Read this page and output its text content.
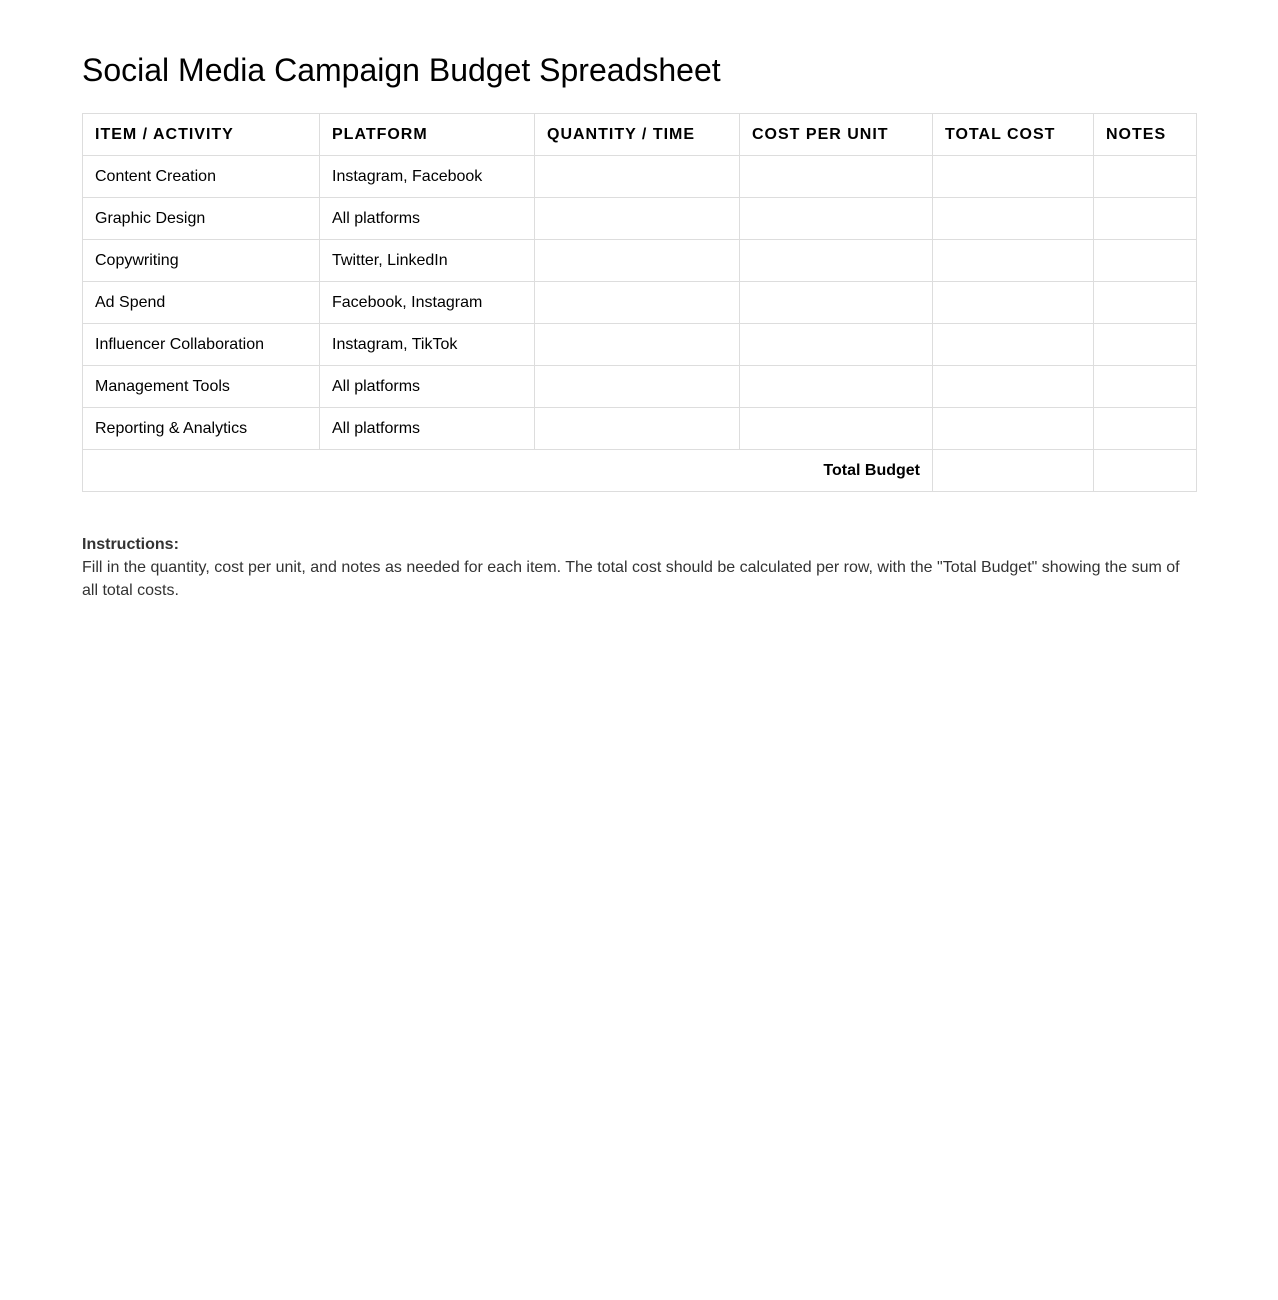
Social Media Campaign Budget Spreadsheet
ITEM / ACTIVITY	PLATFORM	QUANTITY / TIME	COST PER UNIT	TOTAL COST	NOTES
Content Creation	Instagram, Facebook				
Graphic Design	All platforms				
Copywriting	Twitter, LinkedIn				
Ad Spend	Facebook, Instagram				
Influencer Collaboration	Instagram, TikTok				
Management Tools	All platforms				
Reporting & Analytics	All platforms				
Total Budget					
Instructions:
Fill in the quantity, cost per unit, and notes as needed for each item. The total cost should be calculated per row, with the "Total Budget" showing the sum of all total costs.
